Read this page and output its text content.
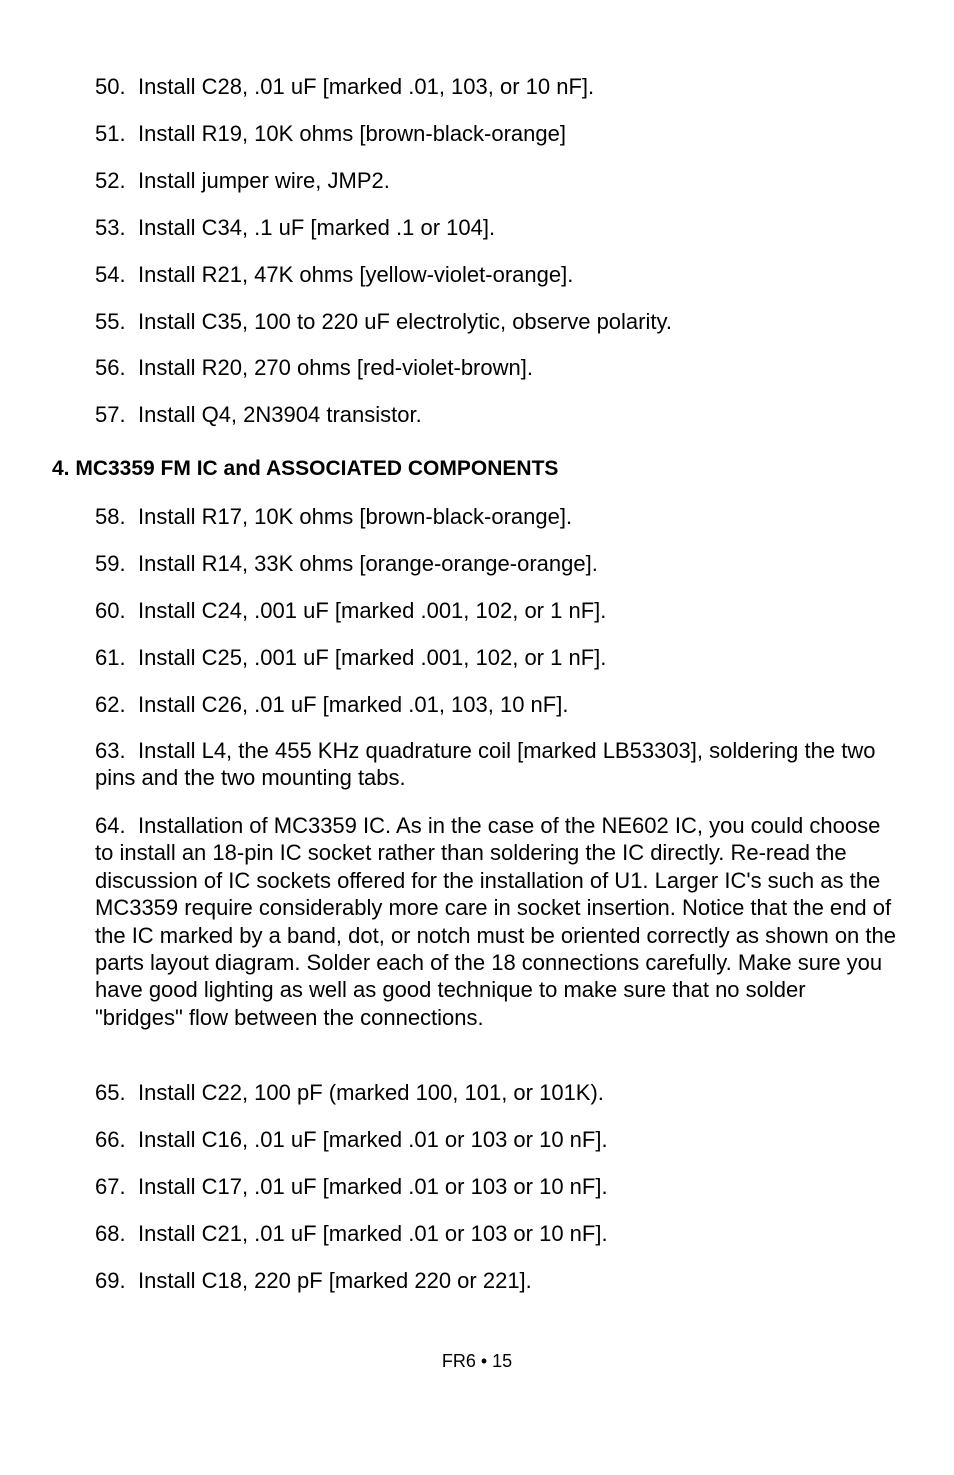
50. Install C28, .01 uF [marked .01, 103, or 10 nF].
51. Install R19, 10K ohms [brown-black-orange]
52. Install jumper wire, JMP2.
53. Install C34, .1 uF [marked .1 or 104].
54. Install R21, 47K ohms [yellow-violet-orange].
55. Install C35, 100 to 220 uF electrolytic, observe polarity.
56. Install R20, 270 ohms [red-violet-brown].
57. Install Q4, 2N3904 transistor.
4. MC3359 FM IC and ASSOCIATED COMPONENTS
58. Install R17, 10K ohms [brown-black-orange].
59. Install R14, 33K ohms [orange-orange-orange].
60. Install C24, .001 uF [marked .001, 102, or 1 nF].
61. Install C25, .001 uF [marked .001, 102, or 1 nF].
62. Install C26, .01 uF [marked .01, 103, 10 nF].
63. Install L4, the 455 KHz quadrature coil [marked LB53303], soldering the two pins and the two mounting tabs.
64. Installation of MC3359 IC. As in the case of the NE602 IC, you could choose to install an 18-pin IC socket rather than soldering the IC directly. Re-read the discussion of IC sockets offered for the installation of U1. Larger IC's such as the MC3359 require considerably more care in socket insertion. Notice that the end of the IC marked by a band, dot, or notch must be oriented correctly as shown on the parts layout diagram. Solder each of the 18 connections carefully. Make sure you have good lighting as well as good technique to make sure that no solder "bridges" flow between the connections.
65. Install C22, 100 pF (marked 100, 101, or 101K).
66. Install C16, .01 uF [marked .01 or 103 or 10 nF].
67. Install C17, .01 uF [marked .01 or 103 or 10 nF].
68. Install C21, .01 uF [marked .01 or 103 or 10 nF].
69. Install C18, 220 pF [marked 220 or 221].
FR6 • 15
